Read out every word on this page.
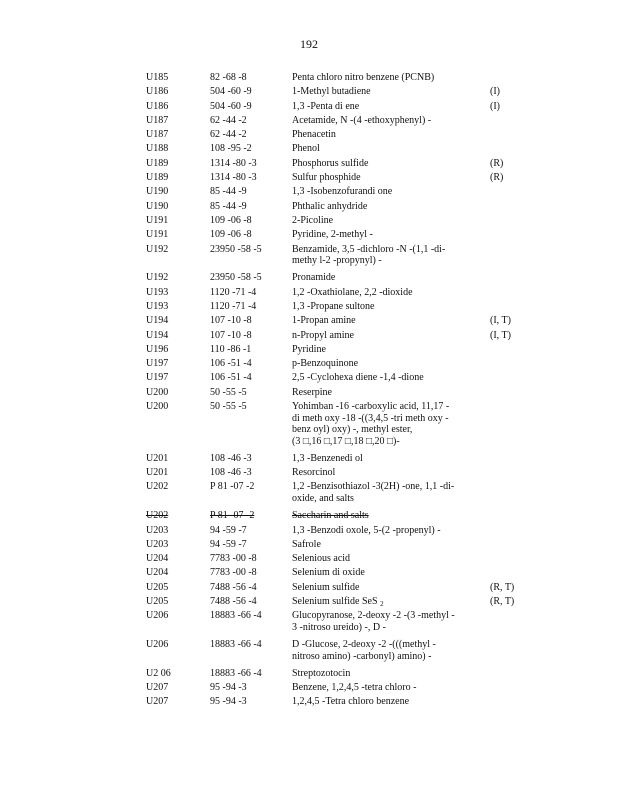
192
U185	82 -68 -8	Penta chloro nitro benzene (PCNB)
U186	504 -60 -9	1-Methyl butadiene	(I)
U186	504 -60 -9	1,3 -Penta di ene	(I)
U187	62 -44 -2	Acetamide, N -(4 -ethoxyphenyl) -
U187	62 -44 -2	Phenacetin
U188	108 -95 -2	Phenol
U189	1314 -80 -3	Phosphorus sulfide	(R)
U189	1314 -80 -3	Sulfur phosphide	(R)
U190	85 -44 -9	1,3 -Isobenzofurandi one
U190	85 -44 -9	Phthalic anhydride
U191	109 -06 -8	2-Picoline
U191	109 -06 -8	Pyridine, 2-methyl -
U192	23950 -58 -5	Benzamide, 3,5 -dichloro -N -(1,1 -di-
methy l-2 -propynyl) -
U192	23950 -58 -5	Pronamide
U193	1120 -71 -4	1,2 -Oxathiolane, 2,2 -dioxide
U193	1120 -71 -4	1,3 -Propane sultone
U194	107 -10 -8	1-Propan amine	(I, T)
U194	107 -10 -8	n-Propyl amine	(I, T)
U196	110 -86 -1	Pyridine
U197	106 -51 -4	p-Benzoquinone
U197	106 -51 -4	2,5 -Cyclohexa diene -1,4 -dione
U200	50 -55 -5	Reserpine
U200	50 -55 -5	Yohimban -16 -carboxylic acid, 11,17 -
di meth oxy -18 -((3,4,5 -tri meth oxy -
benz oyl) oxy) -, methyl ester,
(3 □,16 □,17 □,18 □,20 □)-
U201	108 -46 -3	1,3 -Benzenedi ol
U201	108 -46 -3	Resorcinol
U202	P 81 -07 -2	1,2 -Benzisothiazol -3(2H) -one, 1,1 -di-
oxide, and salts
U202	P 81 -07 -2	Saccharin and salts
U203	94 -59 -7	1,3 -Benzodi oxole, 5-(2 -propenyl) -
U203	94 -59 -7	Safrole
U204	7783 -00 -8	Selenious acid
U204	7783 -00 -8	Selenium di oxide
U205	7488 -56 -4	Selenium sulfide	(R, T)
U205	7488 -56 -4	Selenium sulfide SeS $_2$	(R, T)
U206	18883 -66 -4	Glucopyranose, 2-deoxy -2 -(3 -methyl -
3 -nitroso ureido) -, D -
U206	18883 -66 -4	D -Glucose, 2-deoxy -2 -(((methyl -
nitroso amino) -carbonyl) amino) -
U2 06	18883 -66 -4	Streptozotocin
U207	95 -94 -3	Benzene, 1,2,4,5 -tetra chloro -
U207	95 -94 -3	1,2,4,5 -Tetra chloro benzene
